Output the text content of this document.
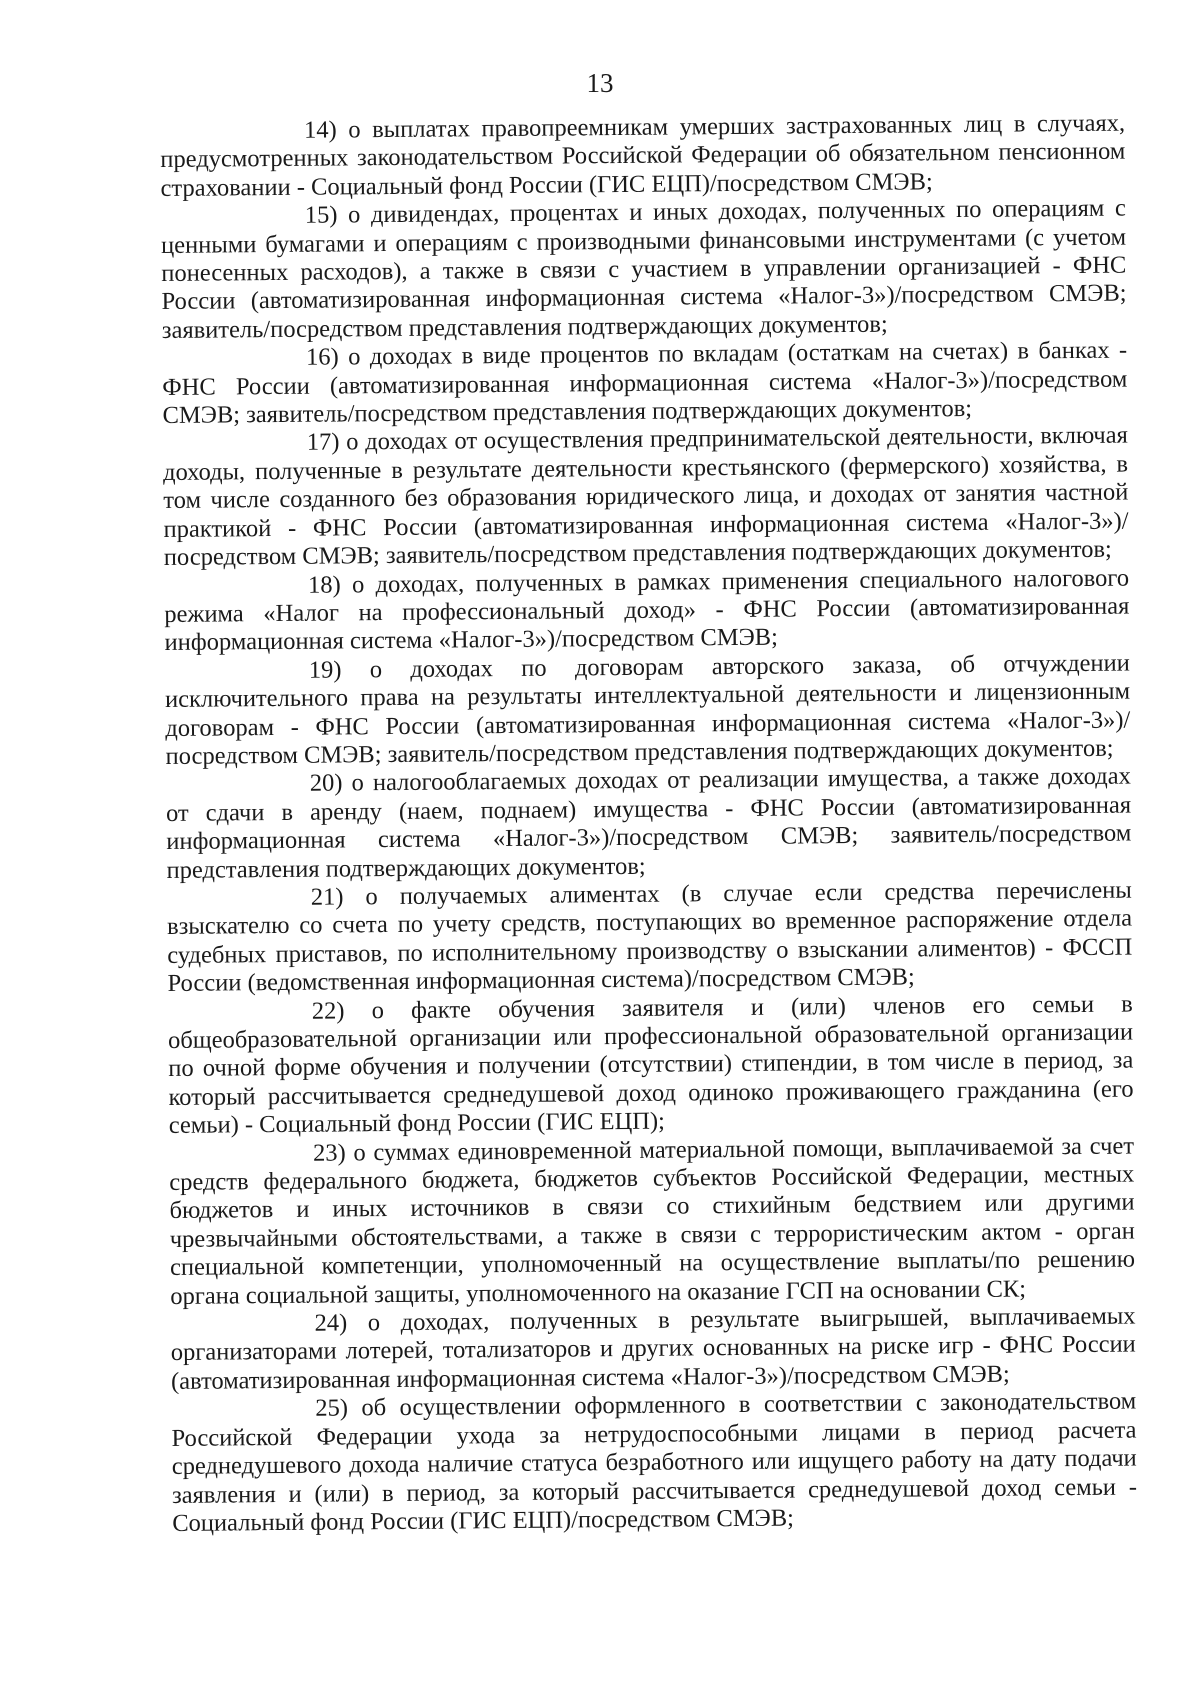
13

14) о выплатах правопреемникам умерших застрахованных лиц в случаях, предусмотренных законодательством Российской Федерации об обязательном пенсионном страховании - Социальный фонд России (ГИС ЕЦП)/посредством СМЭВ;

15) о дивидендах, процентах и иных доходах, полученных по операциям с ценными бумагами и операциям с производными финансовыми инструментами (с учетом понесенных расходов), а также в связи с участием в управлении организацией - ФНС России (автоматизированная информационная система «Налог-3»)/посредством СМЭВ; заявитель/посредством представления подтверждающих документов;

16) о доходах в виде процентов по вкладам (остаткам на счетах) в банках - ФНС России (автоматизированная информационная система «Налог-3»)/посредством СМЭВ; заявитель/посредством представления подтверждающих документов;

17) о доходах от осуществления предпринимательской деятельности, включая доходы, полученные в результате деятельности крестьянского (фермерского) хозяйства, в том числе созданного без образования юридического лица, и доходах от занятия частной практикой - ФНС России (автоматизированная информационная система «Налог-3»)/посредством СМЭВ; заявитель/посредством представления подтверждающих документов;

18) о доходах, полученных в рамках применения специального налогового режима «Налог на профессиональный доход» - ФНС России (автоматизированная информационная система «Налог-3»)/посредством СМЭВ;

19) о доходах по договорам авторского заказа, об отчуждении исключительного права на результаты интеллектуальной деятельности и лицензионным договорам - ФНС России (автоматизированная информационная система «Налог-3»)/посредством СМЭВ; заявитель/посредством представления подтверждающих документов;

20) о налогооблагаемых доходах от реализации имущества, а также доходах от сдачи в аренду (наем, поднаем) имущества - ФНС России (автоматизированная информационная система «Налог-3»)/посредством СМЭВ; заявитель/посредством представления подтверждающих документов;

21) о получаемых алиментах (в случае если средства перечислены взыскателю со счета по учету средств, поступающих во временное распоряжение отдела судебных приставов, по исполнительному производству о взыскании алиментов) - ФССП России (ведомственная информационная система)/посредством СМЭВ;

22) о факте обучения заявителя и (или) членов его семьи в общеобразовательной организации или профессиональной образовательной организации по очной форме обучения и получении (отсутствии) стипендии, в том числе в период, за который рассчитывается среднедушевой доход одиноко проживающего гражданина (его семьи) - Социальный фонд России (ГИС ЕЦП);

23) о суммах единовременной материальной помощи, выплачиваемой за счет средств федерального бюджета, бюджетов субъектов Российской Федерации, местных бюджетов и иных источников в связи со стихийным бедствием или другими чрезвычайными обстоятельствами, а также в связи с террористическим актом - орган специальной компетенции, уполномоченный на осуществление выплаты/по решению органа социальной защиты, уполномоченного на оказание ГСП на основании СК;

24) о доходах, полученных в результате выигрышей, выплачиваемых организаторами лотерей, тотализаторов и других основанных на риске игр - ФНС России (автоматизированная информационная система «Налог-3»)/посредством СМЭВ;

25) об осуществлении оформленного в соответствии с законодательством Российской Федерации ухода за нетрудоспособными лицами в период расчета среднедушевого дохода наличие статуса безработного или ищущего работу на дату подачи заявления и (или) в период, за который рассчитывается среднедушевой доход семьи - Социальный фонд России (ГИС ЕЦП)/посредством СМЭВ;
